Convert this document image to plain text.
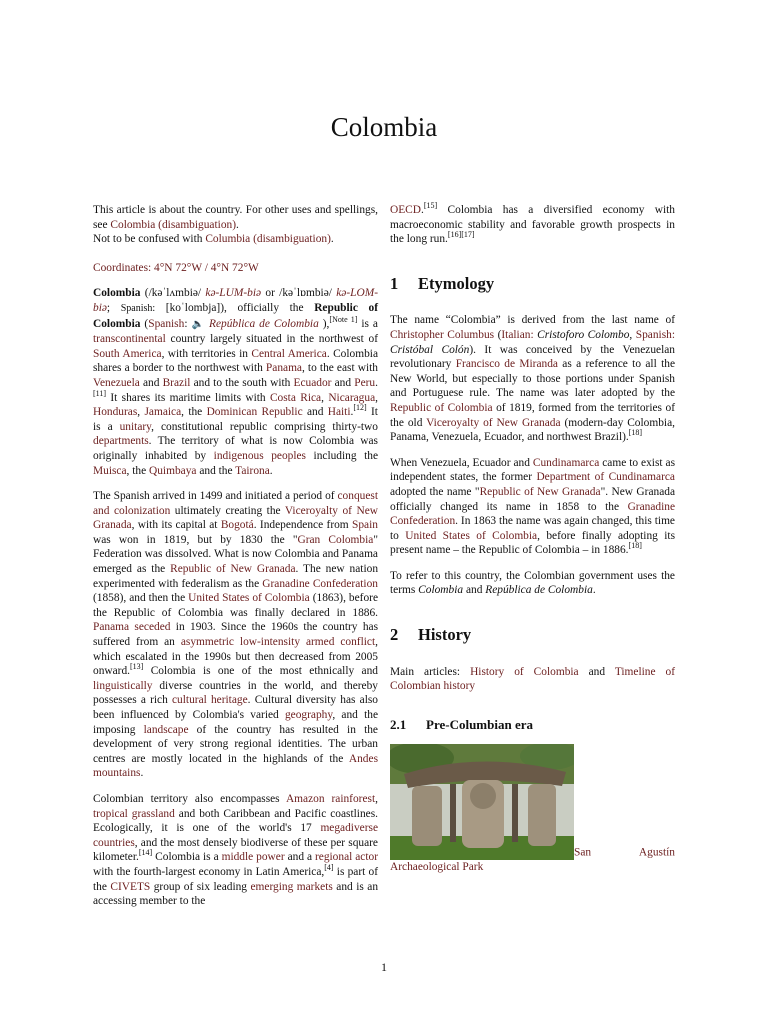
Colombia

This article is about the country. For other uses and spellings, see Colombia (disambiguation).
Not to be confused with Columbia (disambiguation).

Coordinates: 4°N 72°W / 4°N 72°W

Colombia (/kəˈlʌmbiə/ kə-LUM-biə or /kəˈlɒmbiə/ kə-LOM-biə; Spanish: [koˈlombja]), officially the Republic of Colombia (Spanish: 🔈 República de Colombia ),[Note 1] is a transcontinental country largely situated in the northwest of South America, with territories in Central America. Colombia shares a border to the northwest with Panama, to the east with Venezuela and Brazil and to the south with Ecuador and Peru.[11] It shares its maritime limits with Costa Rica, Nicaragua, Honduras, Jamaica, the Dominican Republic and Haiti.[12] It is a unitary, constitutional republic comprising thirty-two departments. The territory of what is now Colombia was originally inhabited by indigenous peoples including the Muisca, the Quimbaya and the Tairona.

The Spanish arrived in 1499 and initiated a period of conquest and colonization ultimately creating the Viceroyalty of New Granada, with its capital at Bogotá. Independence from Spain was won in 1819, but by 1830 the "Gran Colombia" Federation was dissolved. What is now Colombia and Panama emerged as the Republic of New Granada. The new nation experimented with federalism as the Granadine Confederation (1858), and then the United States of Colombia (1863), before the Republic of Colombia was finally declared in 1886. Panama seceded in 1903. Since the 1960s the country has suffered from an asymmetric low-intensity armed conflict, which escalated in the 1990s but then decreased from 2005 onward.[13] Colombia is one of the most ethnically and linguistically diverse countries in the world, and thereby possesses a rich cultural heritage. Cultural diversity has also been influenced by Colombia's varied geography, and the imposing landscape of the country has resulted in the development of very strong regional identities. The urban centres are mostly located in the highlands of the Andes mountains.

Colombian territory also encompasses Amazon rainforest, tropical grassland and both Caribbean and Pacific coastlines. Ecologically, it is one of the world's 17 megadiverse countries, and the most densely biodiverse of these per square kilometer.[14] Colombia is a middle power and a regional actor with the fourth-largest economy in Latin America,[4] is part of the CIVETS group of six leading emerging markets and is an accessing member to the

OECD.[15] Colombia has a diversified economy with macroeconomic stability and favorable growth prospects in the long run.[16][17]

1 Etymology

The name “Colombia” is derived from the last name of Christopher Columbus (Italian: Cristoforo Colombo, Spanish: Cristóbal Colón). It was conceived by the Venezuelan revolutionary Francisco de Miranda as a reference to all the New World, but especially to those portions under Spanish and Portuguese rule. The name was later adopted by the Republic of Colombia of 1819, formed from the territories of the old Viceroyalty of New Granada (modern-day Colombia, Panama, Venezuela, Ecuador, and northwest Brazil).[18]

When Venezuela, Ecuador and Cundinamarca came to exist as independent states, the former Department of Cundinamarca adopted the name "Republic of New Granada". New Granada officially changed its name in 1858 to the Granadine Confederation. In 1863 the name was again changed, this time to United States of Colombia, before finally adopting its present name – the Republic of Colombia – in 1886.[18]

To refer to this country, the Colombian government uses the terms Colombia and República de Colombia.

2 History

Main articles: History of Colombia and Timeline of Colombian history

2.1 Pre-Columbian era
San Agustín Archaeological Park
1
